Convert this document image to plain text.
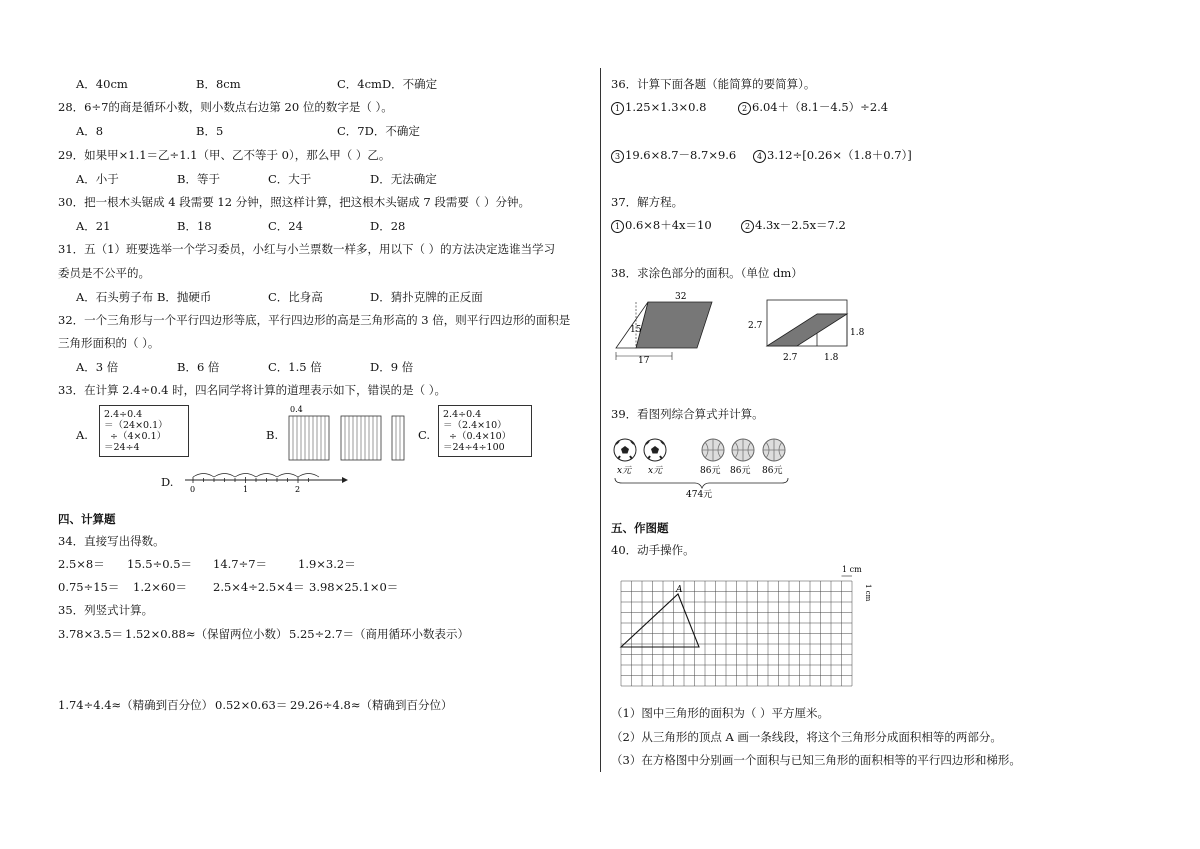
A．40cm	B．8cm	C．4cmD．不确定
28．6÷7的商是循环小数，则小数点右边第 20 位的数字是（ ）。
A．8	B．5	C．7D．不确定
29．如果甲×1.1＝乙÷1.1（甲、乙不等于 0），那么甲（ ）乙。
A．小于	B．等于	C．大于	D．无法确定
30．把一根木头锯成 4 段需要 12 分钟，照这样计算，把这根木头锯成 7 段需要（ ）分钟。
A．21	B．18	C．24	D．28
31．五（1）班要选举一个学习委员，小红与小兰票数一样多，用以下（ ）的方法决定选谁当学习
委员是不公平的。
A．石头剪子布 B．抛硬币	C．比身高	D．猜扑克牌的正反面
32．一个三角形与一个平行四边形等底，平行四边形的高是三角形高的 3 倍，则平行四边形的面积是
三角形面积的（ ）。
A．3 倍	B．6 倍	C．1.5 倍	D．9 倍
33．在计算 2.4÷0.4 时，四名同学将计算的道理表示如下，错误的是（ ）。
A.
2.4÷0.4
＝（24×0.1）
÷（4×0.1）
＝24÷4
B.
0.4
C.
2.4÷0.4
＝（2.4×10）
÷（0.4×10）
＝24÷4÷100
D.
0	1	2
四、计算题
34．直接写出得数。
2.5×8＝ 15.5÷0.5＝ 14.7÷7＝	1.9×3.2＝
0.75÷15＝ 1.2×60＝ 2.5×4÷2.5×4＝ 3.98×25.1×0＝
35．列竖式计算。
3.78×3.5＝ 1.52×0.88≈（保留两位小数） 5.25÷2.7＝（商用循环小数表示）
1.74÷4.4≈（精确到百分位） 0.52×0.63＝ 29.26÷4.8≈（精确到百分位）
36．计算下面各题（能简算的要简算）。
1 1.25×1.3×0.8	2 6.04＋（8.1－4.5）÷2.4
3 19.6×8.7－8.7×9.6	4 3.12÷[0.26×（1.8＋0.7）]
37．解方程。
1 0.6×8＋4x＝10	2 4.3x－2.5x＝7.2
38．求涂色部分的面积。（单位 dm）
32
15
17
2.7
1.8
2.7	1.8
39．看图列综合算式并计算。
x元 x元	86元 86元 86元
474元
五、作图题
40．动手操作。
A
1 cm
1 cm
（1）图中三角形的面积为（ ）平方厘米。
（2）从三角形的顶点 A 画一条线段，将这个三角形分成面积相等的两部分。
（3）在方格图中分别画一个面积与已知三角形的面积相等的平行四边形和梯形。
